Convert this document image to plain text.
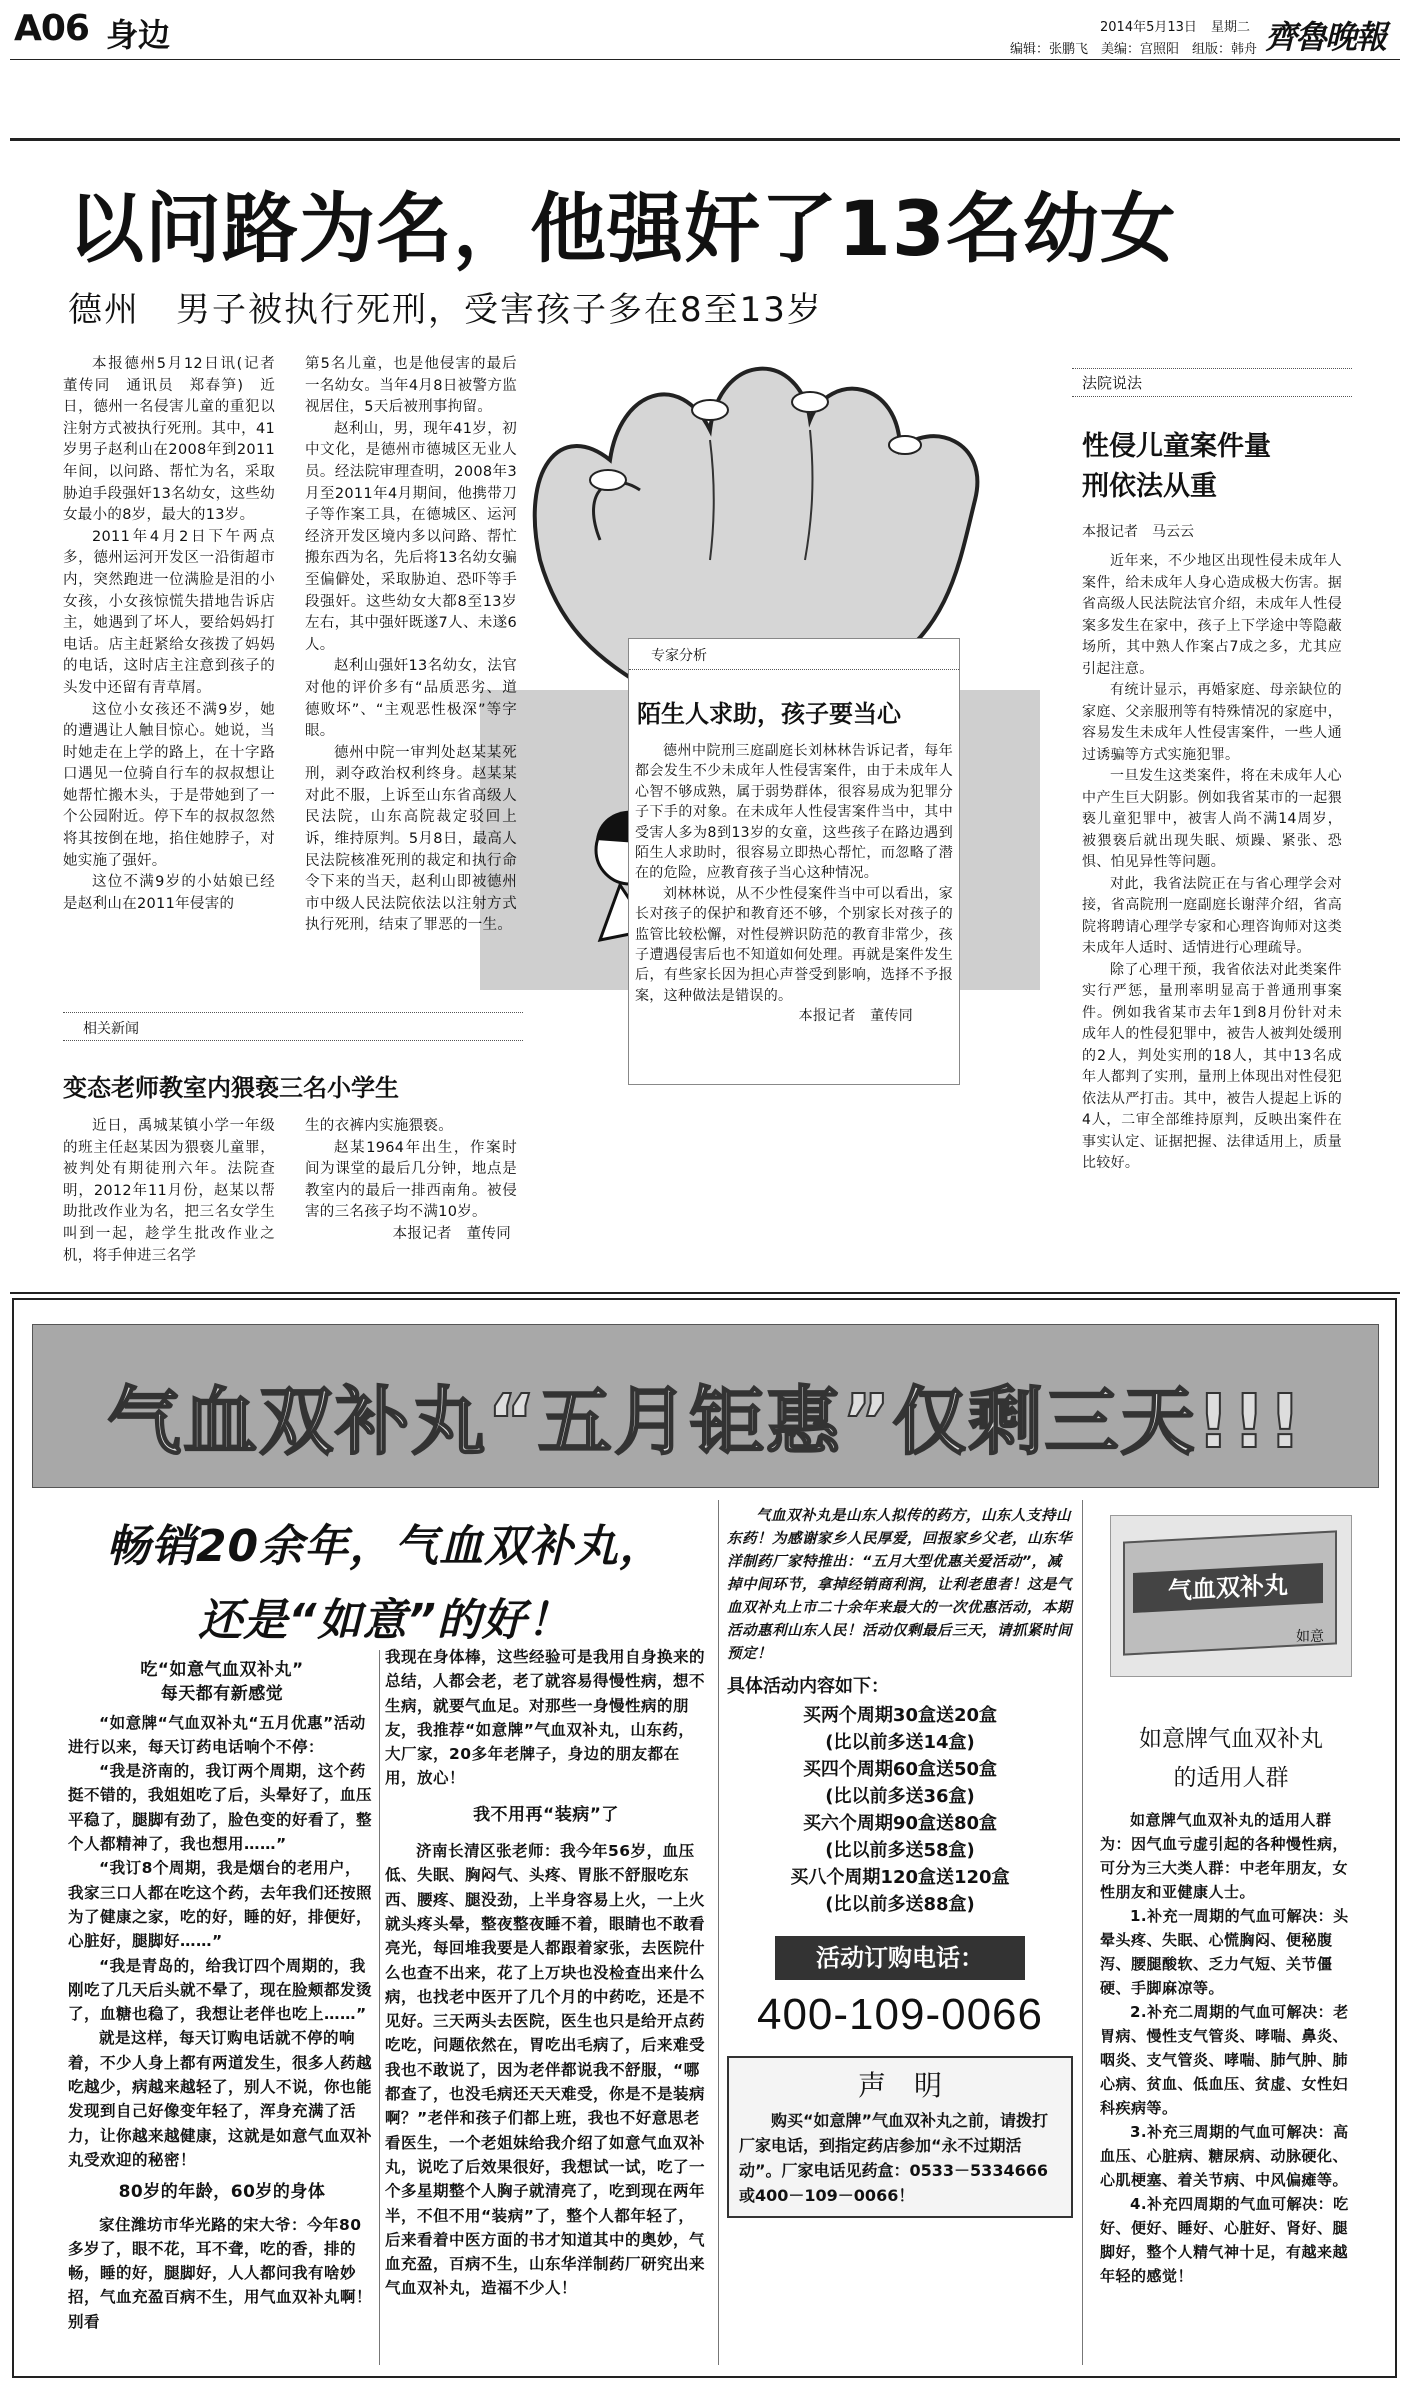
A06 身边	2014年5月13日 星期二
编辑：张鹏飞　美编：宫照阳　组版：韩舟 齊魯晚報
以问路为名，他强奸了13名幼女
德州　男子被执行死刑，受害孩子多在8至13岁

本报德州5月12日讯(记者　董传同　通讯员　郑春笋)　近日，德州一名侵害儿童的重犯以注射方式被执行死刑。其中，41岁男子赵利山在2008年到2011年间，以问路、帮忙为名，采取胁迫手段强奸13名幼女，这些幼女最小的8岁，最大的13岁。

2011年4月2日下午两点多，德州运河开发区一沿街超市内，突然跑进一位满脸是泪的小女孩，小女孩惊慌失措地告诉店主，她遇到了坏人，要给妈妈打电话。店主赶紧给女孩拨了妈妈的电话，这时店主注意到孩子的头发中还留有青草屑。

这位小女孩还不满9岁，她的遭遇让人触目惊心。她说，当时她走在上学的路上，在十字路口遇见一位骑自行车的叔叔想让她帮忙搬木头，于是带她到了一个公园附近。停下车的叔叔忽然将其按倒在地，掐住她脖子，对她实施了强奸。

这位不满9岁的小姑娘已经是赵利山在2011年侵害的

第5名儿童，也是他侵害的最后一名幼女。当年4月8日被警方监视居住，5天后被刑事拘留。

赵利山，男，现年41岁，初中文化，是德州市德城区无业人员。经法院审理查明，2008年3月至2011年4月期间，他携带刀子等作案工具，在德城区、运河经济开发区境内多以问路、帮忙搬东西为名，先后将13名幼女骗至偏僻处，采取胁迫、恐吓等手段强奸。这些幼女大都8至13岁左右，其中强奸既遂7人、未遂6人。

赵利山强奸13名幼女，法官对他的评价多有“品质恶劣、道德败坏”、“主观恶性极深”等字眼。

德州中院一审判处赵某某死刑，剥夺政治权利终身。赵某某对此不服，上诉至山东省高级人民法院，山东高院裁定驳回上诉，维持原判。5月8日，最高人民法院核准死刑的裁定和执行命令下来的当天，赵利山即被德州市中级人民法院依法以注射方式执行死刑，结束了罪恶的一生。

专家分析
陌生人求助，孩子要当心

德州中院刑三庭副庭长刘林林告诉记者，每年都会发生不少未成年人性侵害案件，由于未成年人心智不够成熟，属于弱势群体，很容易成为犯罪分子下手的对象。在未成年人性侵害案件当中，其中受害人多为8到13岁的女童，这些孩子在路边遇到陌生人求助时，很容易立即热心帮忙，而忽略了潜在的危险，应教育孩子当心这种情况。

刘林林说，从不少性侵案件当中可以看出，家长对孩子的保护和教育还不够，个别家长对孩子的监管比较松懈，对性侵辨识防范的教育非常少，孩子遭遇侵害后也不知道如何处理。再就是案件发生后，有些家长因为担心声誉受到影响，选择不予报案，这种做法是错误的。

本报记者　董传同
法院说法
性侵儿童案件量刑依法从重
本报记者　马云云

近年来，不少地区出现性侵未成年人案件，给未成年人身心造成极大伤害。据省高级人民法院法官介绍，未成年人性侵案多发生在家中，孩子上下学途中等隐蔽场所，其中熟人作案占7成之多，尤其应引起注意。

有统计显示，再婚家庭、母亲缺位的家庭、父亲服刑等有特殊情况的家庭中，容易发生未成年人性侵害案件，一些人通过诱骗等方式实施犯罪。

一旦发生这类案件，将在未成年人心中产生巨大阴影。例如我省某市的一起猥亵儿童犯罪中，被害人尚不满14周岁，被猥亵后就出现失眠、烦躁、紧张、恐惧、怕见异性等问题。

对此，我省法院正在与省心理学会对接，省高院刑一庭副庭长谢萍介绍，省高院将聘请心理学专家和心理咨询师对这类未成年人适时、适情进行心理疏导。

除了心理干预，我省依法对此类案件实行严惩，量刑率明显高于普通刑事案件。例如我省某市去年1到8月份针对未成年人的性侵犯罪中，被告人被判处缓刑的2人，判处实刑的18人，其中13名成年人都判了实刑，量刑上体现出对性侵犯依法从严打击。其中，被告人提起上诉的4人，二审全部维持原判，反映出案件在事实认定、证据把握、法律适用上，质量比较好。

相关新闻
变态老师教室内猥亵三名小学生

近日，禹城某镇小学一年级的班主任赵某因为猥亵儿童罪，被判处有期徒刑六年。法院查明，2012年11月份，赵某以帮助批改作业为名，把三名女学生叫到一起，趁学生批改作业之机，将手伸进三名学

生的衣裤内实施猥亵。

赵某1964年出生，作案时间为课堂的最后几分钟，地点是教室内的最后一排西南角。被侵害的三名孩子均不满10岁。

本报记者　董传同
气血双补丸“五月钜惠”仅剩三天!!!
畅销20余年，气血双补丸，
还是“如意”的好！
吃“如意气血双补丸”
每天都有新感觉

“如意牌“气血双补丸“五月优惠”活动进行以来，每天订药电话响个不停：

“我是济南的，我订两个周期，这个药挺不错的，我姐姐吃了后，头晕好了，血压平稳了，腿脚有劲了，脸色变的好看了，整个人都精神了，我也想用……”

“我订8个周期，我是烟台的老用户，我家三口人都在吃这个药，去年我们还按照为了健康之家，吃的好，睡的好，排便好，心脏好，腿脚好……”

“我是青岛的，给我订四个周期的，我刚吃了几天后头就不晕了，现在脸颊都发烫了，血糖也稳了，我想让老伴也吃上……”

就是这样，每天订购电话就不停的响着，不少人身上都有两道发生，很多人药越吃越少，病越来越轻了，别人不说，你也能发现到自己好像变年轻了，浑身充满了活力，让你越来越健康，这就是如意气血双补丸受欢迎的秘密！

80岁的年龄，60岁的身体

家住潍坊市华光路的宋大爷：今年80多岁了，眼不花，耳不聋，吃的香，排的畅，睡的好，腿脚好，人人都问我有啥妙招，气血充盈百病不生，用气血双补丸啊！别看

我现在身体棒，这些经验可是我用自身换来的总结，人都会老，老了就容易得慢性病，想不生病，就要气血足。对那些一身慢性病的朋友，我推荐“如意牌”气血双补丸，山东药，大厂家，20多年老牌子，身边的朋友都在用，放心！

我不用再“装病”了

济南长清区张老师：我今年56岁，血压低、失眠、胸闷气、头疼、胃胀不舒服吃东西、腰疼、腿没劲，上半身容易上火，一上火就头疼头晕，整夜整夜睡不着，眼睛也不敢看亮光，每回堆我要是人都跟着家张，去医院什么也查不出来，花了上万块也没检查出来什么病，也找老中医开了几个月的中药吃，还是不见好。三天两头去医院，医生也只是给开点药吃吃，问题依然在，胃吃出毛病了，后来难受我也不敢说了，因为老伴都说我不舒服，“哪都查了，也没毛病还天天难受，你是不是装病啊？”老伴和孩子们都上班，我也不好意思老看医生，一个老姐妹给我介绍了如意气血双补丸，说吃了后效果很好，我想试一试，吃了一个多星期整个人胸子就清亮了，吃到现在两年半，不但不用“装病”了，整个人都年轻了，后来看着中医方面的书才知道其中的奥妙，气血充盈，百病不生，山东华洋制药厂研究出来气血双补丸，造福不少人！

气血双补丸是山东人拟传的药方，山东人支持山东药！为感谢家乡人民厚爱，回报家乡父老，山东华洋制药厂家特推出：“五月大型优惠关爱活动”，减掉中间环节，拿掉经销商利润，让利老患者！这是气血双补丸上市二十余年来最大的一次优惠活动，本期活动惠利山东人民！活动仅剩最后三天，请抓紧时间预定！
具体活动内容如下：
买两个周期30盒送20盒
(比以前多送14盒)
买四个周期60盒送50盒
(比以前多送36盒)
买六个周期90盒送80盒
(比以前多送58盒)
买八个周期120盒送120盒
(比以前多送88盒)
活动订购电话：
400-109-0066
声　明
购买“如意牌”气血双补丸之前，请拨打厂家电话，到指定药店参加“永不过期活动”。厂家电话见药盒：0533－5334666或400－109－0066！
气血双补丸
如意
如意牌气血双补丸
的适用人群

如意牌气血双补丸的适用人群为：因气血亏虚引起的各种慢性病，可分为三大类人群：中老年朋友，女性朋友和亚健康人士。

1.补充一周期的气血可解决：头晕头疼、失眠、心慌胸闷、便秘腹泻、腰腿酸软、乏力气短、关节僵硬、手脚麻凉等。

2.补充二周期的气血可解决：老胃病、慢性支气管炎、哮喘、鼻炎、咽炎、支气管炎、哮喘、肺气肿、肺心病、贫血、低血压、贫虚、女性妇科疾病等。

3.补充三周期的气血可解决：高血压、心脏病、糖尿病、动脉硬化、心肌梗塞、着关节病、中风偏瘫等。

4.补充四周期的气血可解决：吃好、便好、睡好、心脏好、肾好、腿脚好，整个人精气神十足，有越来越年轻的感觉！
